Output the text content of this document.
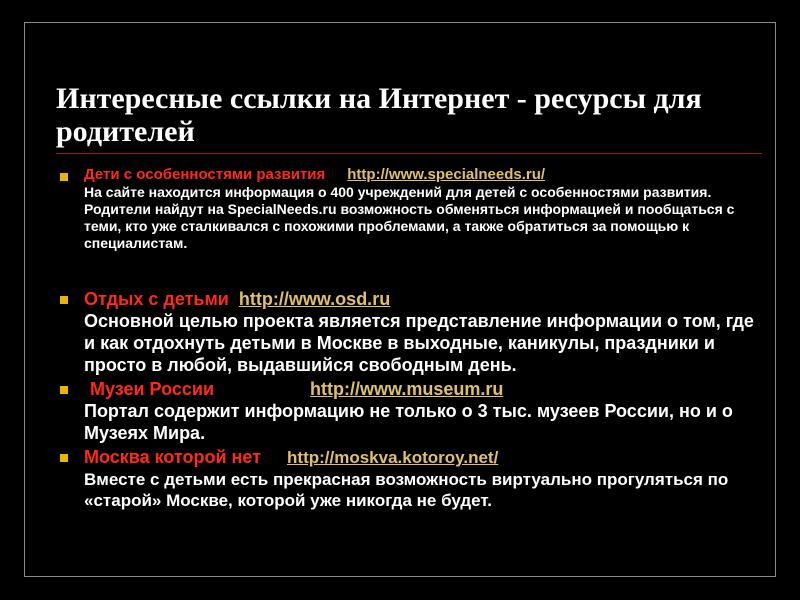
Интересные ссылки на Интернет - ресурсы для родителей
Дети с особенностями развития http://www.specialneeds.ru/
На сайте находится информация о 400 учреждений для детей с особенностями развития. Родители найдут на SpecialNeeds.ru возможность обменяться информацией и пообщаться с теми, кто уже сталкивался с похожими проблемами, а также обратиться за помощью к специалистам.
Отдых с детьми http://www.osd.ru
Основной целью проекта является представление информации о том, где и как отдохнуть детьми в Москве в выходные, каникулы, праздники и просто в любой, выдавшийся свободным день.
Музеи России	http://www.museum.ru
Портал содержит информацию не только о 3 тыс. музеев России, но и о Музеях Мира.
Москва которой нет http://moskva.kotoroy.net/
Вместе с детьми есть прекрасная возможность виртуально прогуляться по «старой» Москве, которой уже никогда не будет.
